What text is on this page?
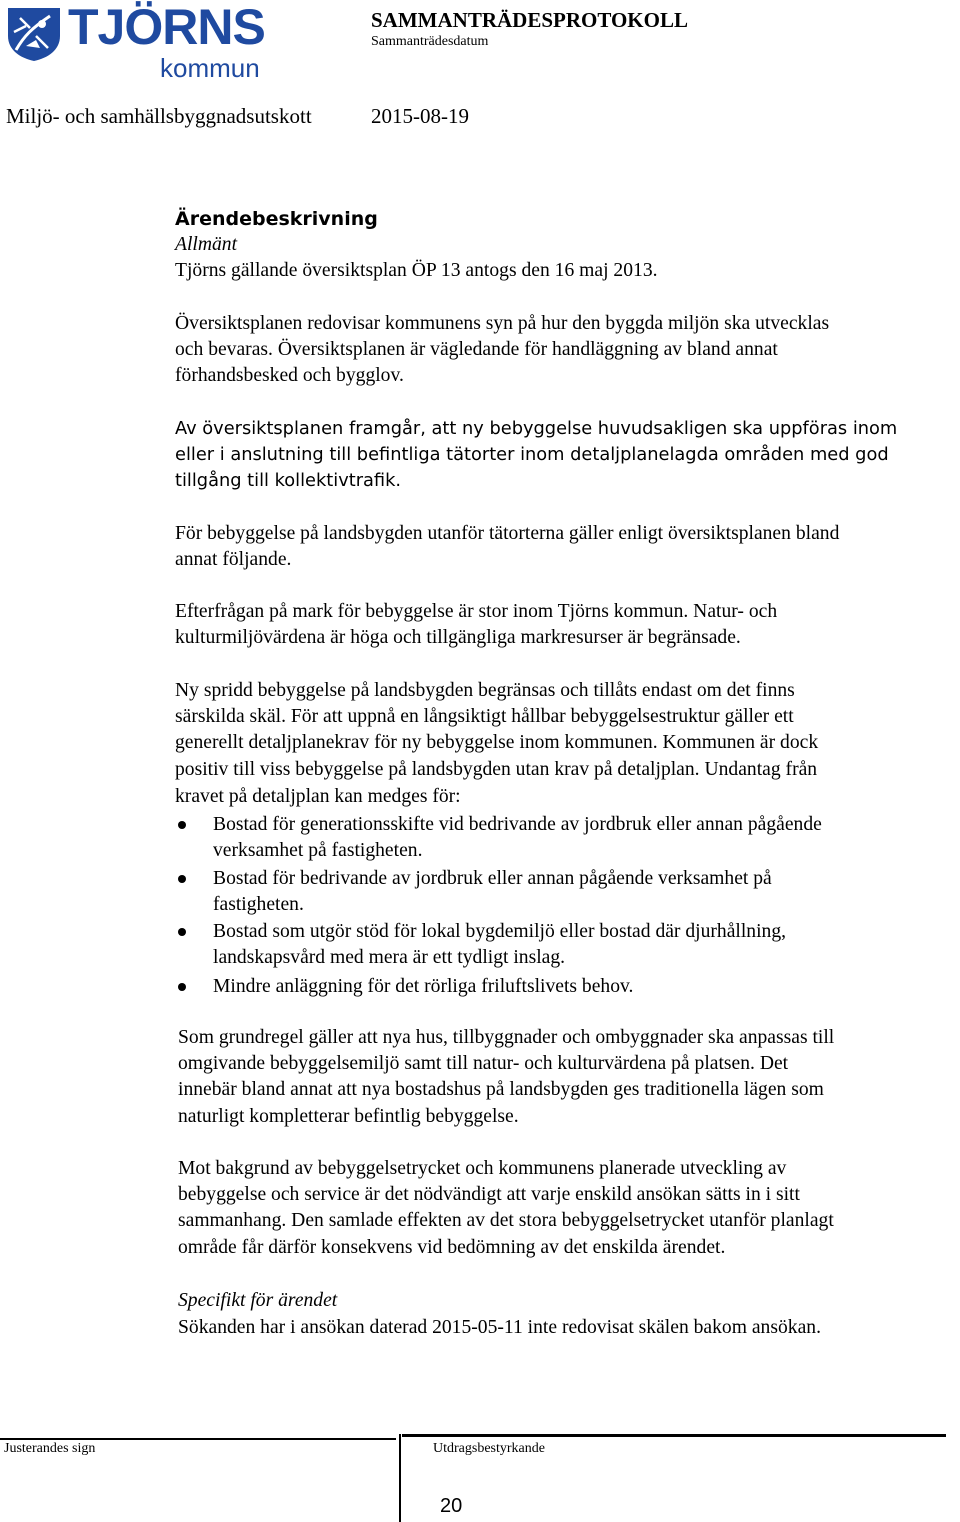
TJÖRNS
kommun
SAMMANTRÄDESPROTOKOLL
Sammanträdesdatum
Miljö- och samhällsbyggnadsutskott	2015-08-19
Ärendebeskrivning
Allmänt
Tjörns gällande översiktsplan ÖP 13 antogs den 16 maj 2013.
Översiktsplanen redovisar kommunens syn på hur den byggda miljön ska utvecklas
och bevaras. Översiktsplanen är vägledande för handläggning av bland annat
förhandsbesked och bygglov.
Av översiktsplanen framgår, att ny bebyggelse huvudsakligen ska uppföras inom
eller i anslutning till befintliga tätorter inom detaljplanelagda områden med god
tillgång till kollektivtrafik.
För bebyggelse på landsbygden utanför tätorterna gäller enligt översiktsplanen bland
annat följande.
Efterfrågan på mark för bebyggelse är stor inom Tjörns kommun. Natur- och
kulturmiljövärdena är höga och tillgängliga markresurser är begränsade.
Ny spridd bebyggelse på landsbygden begränsas och tillåts endast om det finns
särskilda skäl. För att uppnå en långsiktigt hållbar bebyggelsestruktur gäller ett
generellt detaljplanekrav för ny bebyggelse inom kommunen. Kommunen är dock
positiv till viss bebyggelse på landsbygden utan krav på detaljplan. Undantag från
kravet på detaljplan kan medges för:
Bostad för generationsskifte vid bedrivande av jordbruk eller annan pågående
verksamhet på fastigheten.
Bostad för bedrivande av jordbruk eller annan pågående verksamhet på
fastigheten.
Bostad som utgör stöd för lokal bygdemiljö eller bostad där djurhållning,
landskapsvård med mera är ett tydligt inslag.
Mindre anläggning för det rörliga friluftslivets behov.
Som grundregel gäller att nya hus, tillbyggnader och ombyggnader ska anpassas till
omgivande bebyggelsemiljö samt till natur- och kulturvärdena på platsen. Det
innebär bland annat att nya bostadshus på landsbygden ges traditionella lägen som
naturligt kompletterar befintlig bebyggelse.
Mot bakgrund av bebyggelsetrycket och kommunens planerade utveckling av
bebyggelse och service är det nödvändigt att varje enskild ansökan sätts in i sitt
sammanhang. Den samlade effekten av det stora bebyggelsetrycket utanför planlagt
område får därför konsekvens vid bedömning av det enskilda ärendet.
Specifikt för ärendet
Sökanden har i ansökan daterad 2015-05-11 inte redovisat skälen bakom ansökan.
Justerandes sign	Utdragsbestyrkande
20
